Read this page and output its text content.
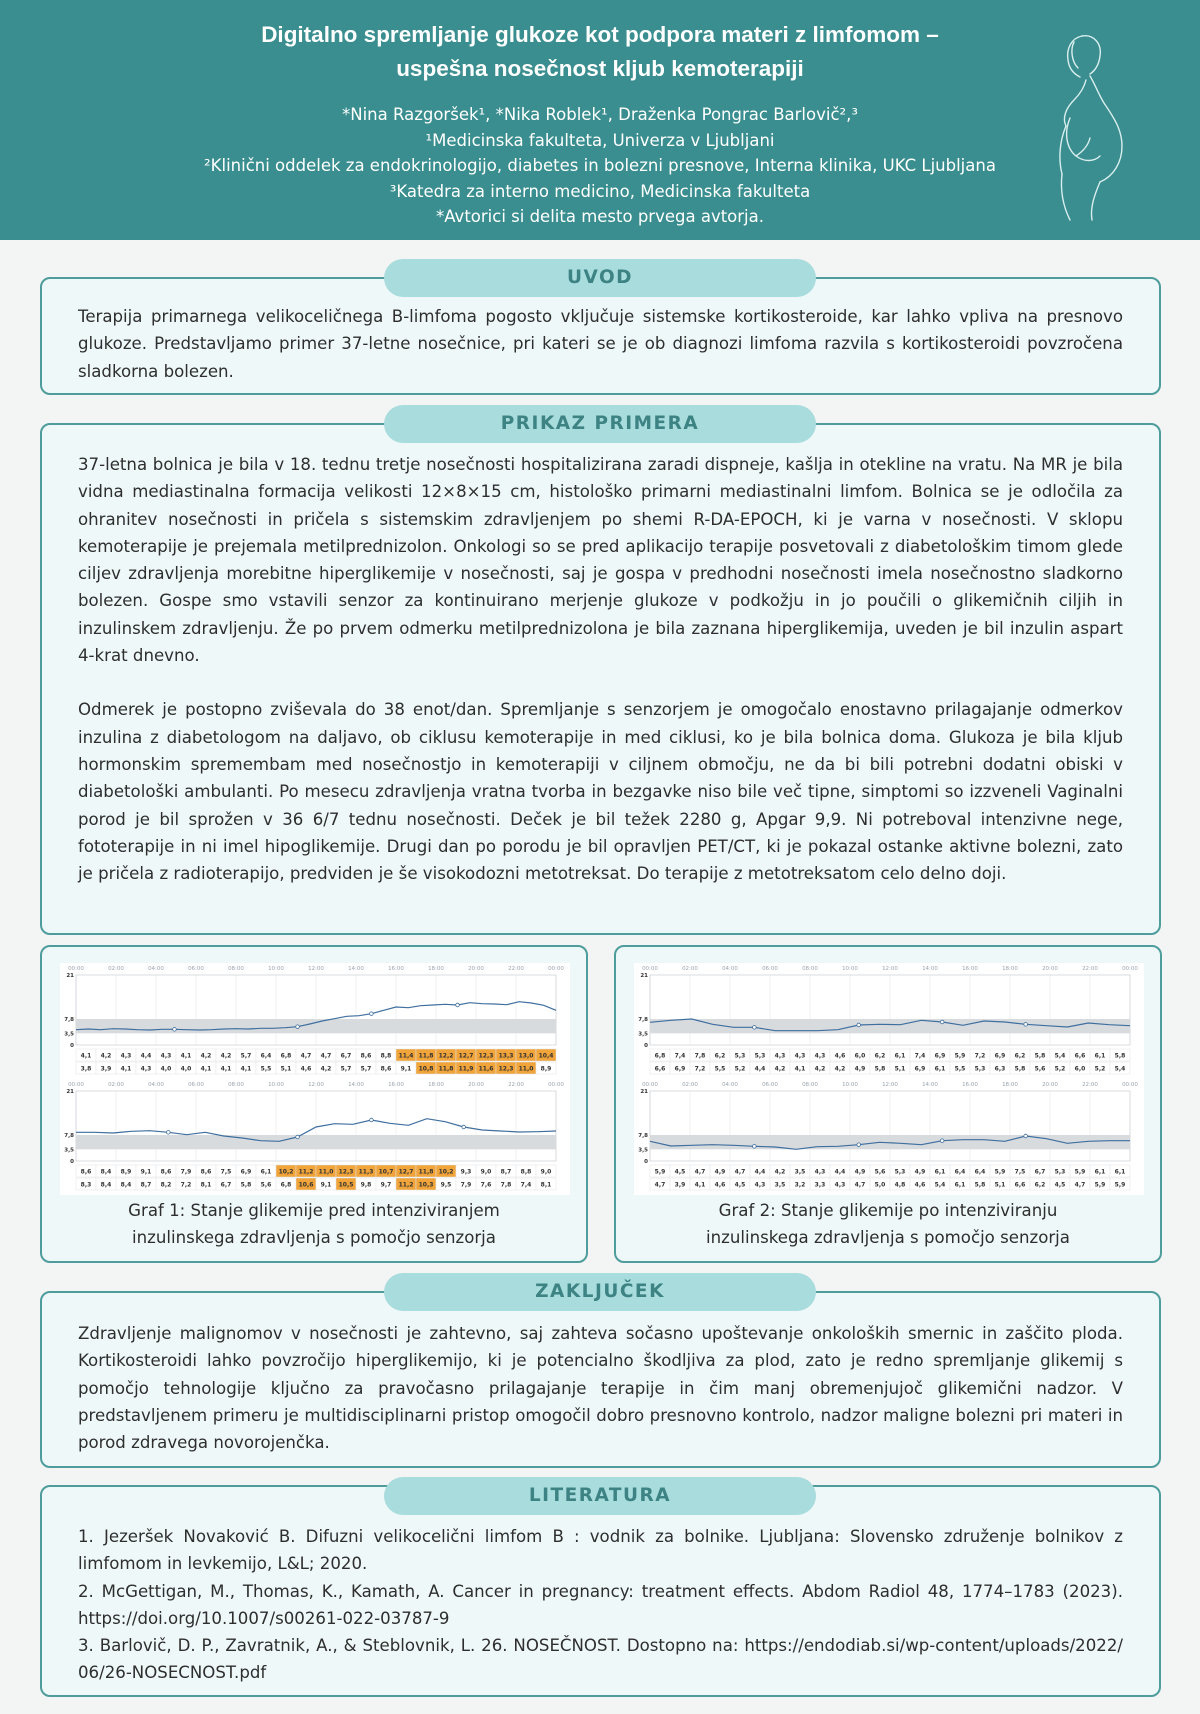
Digitalno spremljanje glukoze kot podpora materi z limfomom –
uspešna nosečnost kljub kemoterapiji
*Nina Razgoršek¹, *Nika Roblek¹, Draženka Pongrac Barlovič²,³
¹Medicinska fakulteta, Univerza v Ljubljani
²Klinični oddelek za endokrinologijo, diabetes in bolezni presnove, Interna klinika, UKC Ljubljana
³Katedra za interno medicino, Medicinska fakulteta
*Avtorici si delita mesto prvega avtorja.
Terapija primarnega velikoceličnega B-limfoma pogosto vključuje sistemske kortikosteroide, kar lahko vpliva na presnovo glukoze. Predstavljamo primer 37-letne nosečnice, pri kateri se je ob diagnozi limfoma razvila s kortikosteroidi povzročena sladkorna bolezen.
UVOD

37-letna bolnica je bila v 18. tednu tretje nosečnosti hospitalizirana zaradi dispneje, kašlja in otekline na vratu. Na MR je bila vidna mediastinalna formacija velikosti 12×8×15 cm, histološko primarni mediastinalni limfom. Bolnica se je odločila za ohranitev nosečnosti in pričela s sistemskim zdravljenjem po shemi R-DA-EPOCH, ki je varna v nosečnosti. V sklopu kemoterapije je prejemala metilprednizolon. Onkologi so se pred aplikacijo terapije posvetovali z diabetološkim timom glede ciljev zdravljenja morebitne hiperglikemije v nosečnosti, saj je gospa v predhodni nosečnosti imela nosečnostno sladkorno bolezen. Gospe smo vstavili senzor za kontinuirano merjenje glukoze v podkožju in jo poučili o glikemičnih ciljih in inzulinskem zdravljenju. Že po prvem odmerku metilprednizolona je bila zaznana hiperglikemija, uveden je bil inzulin aspart 4-krat dnevno.

Odmerek je postopno zviševala do 38 enot/dan. Spremljanje s senzorjem je omogočalo enostavno prilagajanje odmerkov inzulina z diabetologom na daljavo, ob ciklusu kemoterapije in med ciklusi, ko je bila bolnica doma. Glukoza je bila kljub hormonskim spremembam med nosečnostjo in kemoterapiji v ciljnem območju, ne da bi bili potrebni dodatni obiski v diabetološki ambulanti. Po mesecu zdravljenja vratna tvorba in bezgavke niso bile več tipne, simptomi so izzveneli Vaginalni porod je bil sprožen v 36 6/7 tednu nosečnosti. Deček je bil težek 2280 g, Apgar 9,9. Ni potreboval intenzivne nege, fototerapije in ni imel hipoglikemije. Drugi dan po porodu je bil opravljen PET/CT, ki je pokazal ostanke aktivne bolezni, zato je pričela z radioterapijo, predviden je še visokodozni metotreksat. Do terapije z metotreksatom celo delno doji.

PRIKAZ PRIMERA
00:00	02:00	04:00	06:00	08:00	10:00	12:00	14:00	16:00	18:00	20:00	22:00	00:00
21
7,8
3,5
0
4,1 4,2 4,3 4,4 4,3 4,1 4,2 4,2 5,7 6,4 6,8 4,7 4,7 6,7 8,6 8,8 11,4 11,8 12,2 12,7 12,3 13,3 13,0 10,4
3,8 3,9 4,1 4,3 4,0 4,0 4,1 4,1 4,1 5,5 5,1 4,6 4,2 5,7 5,7 8,6 9,1 10,8 11,8 11,9 11,6 12,3 11,0 8,9
00:00	02:00	04:00	06:00	08:00	10:00	12:00	14:00	16:00	18:00	20:00	22:00	00:00
21
7,8
3,5
0
8,6 8,4 8,9 9,1 8,6 7,9 8,6 7,5 6,9 6,1 10,2 11,2 11,0 12,3 11,3 10,7 12,7 11,8 10,2 9,3 9,0 8,7 8,8 9,0
8,3 8,4 8,4 8,7 8,2 7,2 8,1 6,7 5,8 5,6 6,8 10,6 9,1 10,5 9,8 9,7 11,2 10,3 9,5 7,9 7,6 7,8 7,4 8,1
Graf 1: Stanje glikemije pred intenziviranjem
inzulinskega zdravljenja s pomočjo senzorja
00:00	02:00	04:00	06:00	08:00	10:00	12:00	14:00	16:00	18:00	20:00	22:00	00:00
21
7,8
3,5
0
6,8 7,4 7,8 6,2 5,3 5,3 4,3 4,3 4,3 4,6 6,0 6,2 6,1 7,4 6,9 5,9 7,2 6,9 6,2 5,8 5,4 6,6 6,1 5,8
6,6 6,9 7,2 5,5 5,2 4,4 4,2 4,1 4,2 4,2 4,9 5,8 5,1 6,9 6,1 5,5 5,3 6,3 5,8 5,6 5,2 6,0 5,2 5,4
00:00	02:00	04:00	06:00	08:00	10:00	12:00	14:00	16:00	18:00	20:00	22:00	00:00
21
7,8
3,5
0
5,9 4,5 4,7 4,9 4,7 4,4 4,2 3,5 4,3 4,4 4,9 5,6 5,3 4,9 6,1 6,4 6,4 5,9 7,5 6,7 5,3 5,9 6,1 6,1
4,7 3,9 4,1 4,6 4,5 4,3 3,5 3,2 3,3 4,3 4,7 5,0 4,8 4,6 5,4 6,1 5,8 5,1 6,6 6,2 4,5 4,7 5,9 5,9
Graf 2: Stanje glikemije po intenziviranju
inzulinskega zdravljenja s pomočjo senzorja
Zdravljenje malignomov v nosečnosti je zahtevno, saj zahteva sočasno upoštevanje onkoloških smernic in zaščito ploda. Kortikosteroidi lahko povzročijo hiperglikemijo, ki je potencialno škodljiva za plod, zato je redno spremljanje glikemij s pomočjo tehnologije ključno za pravočasno prilagajanje terapije in čim manj obremenjujoč glikemični nadzor. V predstavljenem primeru je multidisciplinarni pristop omogočil dobro presnovno kontrolo, nadzor maligne bolezni pri materi in porod zdravega novorojenčka.
ZAKLJUČEK

1. Jezeršek Novaković B. Difuzni velikocelični limfom B : vodnik za bolnike. Ljubljana: Slovensko združenje bolnikov z limfomom in levkemijo, L&L; 2020.

2. McGettigan, M., Thomas, K., Kamath, A. Cancer in pregnancy: treatment effects. Abdom Radiol 48, 1774–1783 (2023). https://doi.org/10.1007/s00261-022-03787-9

3. Barlovič, D. P., Zavratnik, A., & Steblovnik, L. 26. NOSEČNOST. Dostopno na: https://endodiab.si/wp-content/uploads/2022/06/26-NOSECNOST.pdf

LITERATURA
